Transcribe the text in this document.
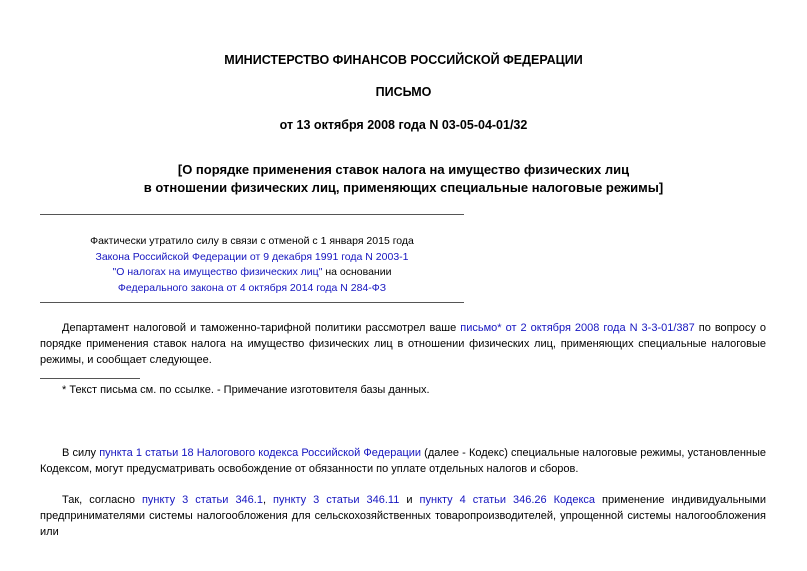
МИНИСТЕРСТВО ФИНАНСОВ РОССИЙСКОЙ ФЕДЕРАЦИИ
ПИСЬМО
от 13 октября 2008 года N 03-05-04-01/32
[О порядке применения ставок налога на имущество физических лиц
в отношении физических лиц, применяющих специальные налоговые режимы]
Фактически утратило силу в связи с отменой с 1 января 2015 года
Закона Российской Федерации от 9 декабря 1991 года N 2003-1
"О налогах на имущество физических лиц" на основании
Федерального закона от 4 октября 2014 года N 284-ФЗ
Департамент налоговой и таможенно-тарифной политики рассмотрел ваше письмо* от 2 октября 2008 года N 3-3-01/387 по вопросу о порядке применения ставок налога на имущество физических лиц в отношении физических лиц, применяющих специальные налоговые режимы, и сообщает следующее.
* Текст письма см. по ссылке. - Примечание изготовителя базы данных.
В силу пункта 1 статьи 18 Налогового кодекса Российской Федерации (далее - Кодекс) специальные налоговые режимы, установленные Кодексом, могут предусматривать освобождение от обязанности по уплате отдельных налогов и сборов.
Так, согласно пункту 3 статьи 346.1, пункту 3 статьи 346.11 и пункту 4 статьи 346.26 Кодекса применение индивидуальными предпринимателями системы налогообложения для сельскохозяйственных товаропроизводителей, упрощенной системы налогообложения или
